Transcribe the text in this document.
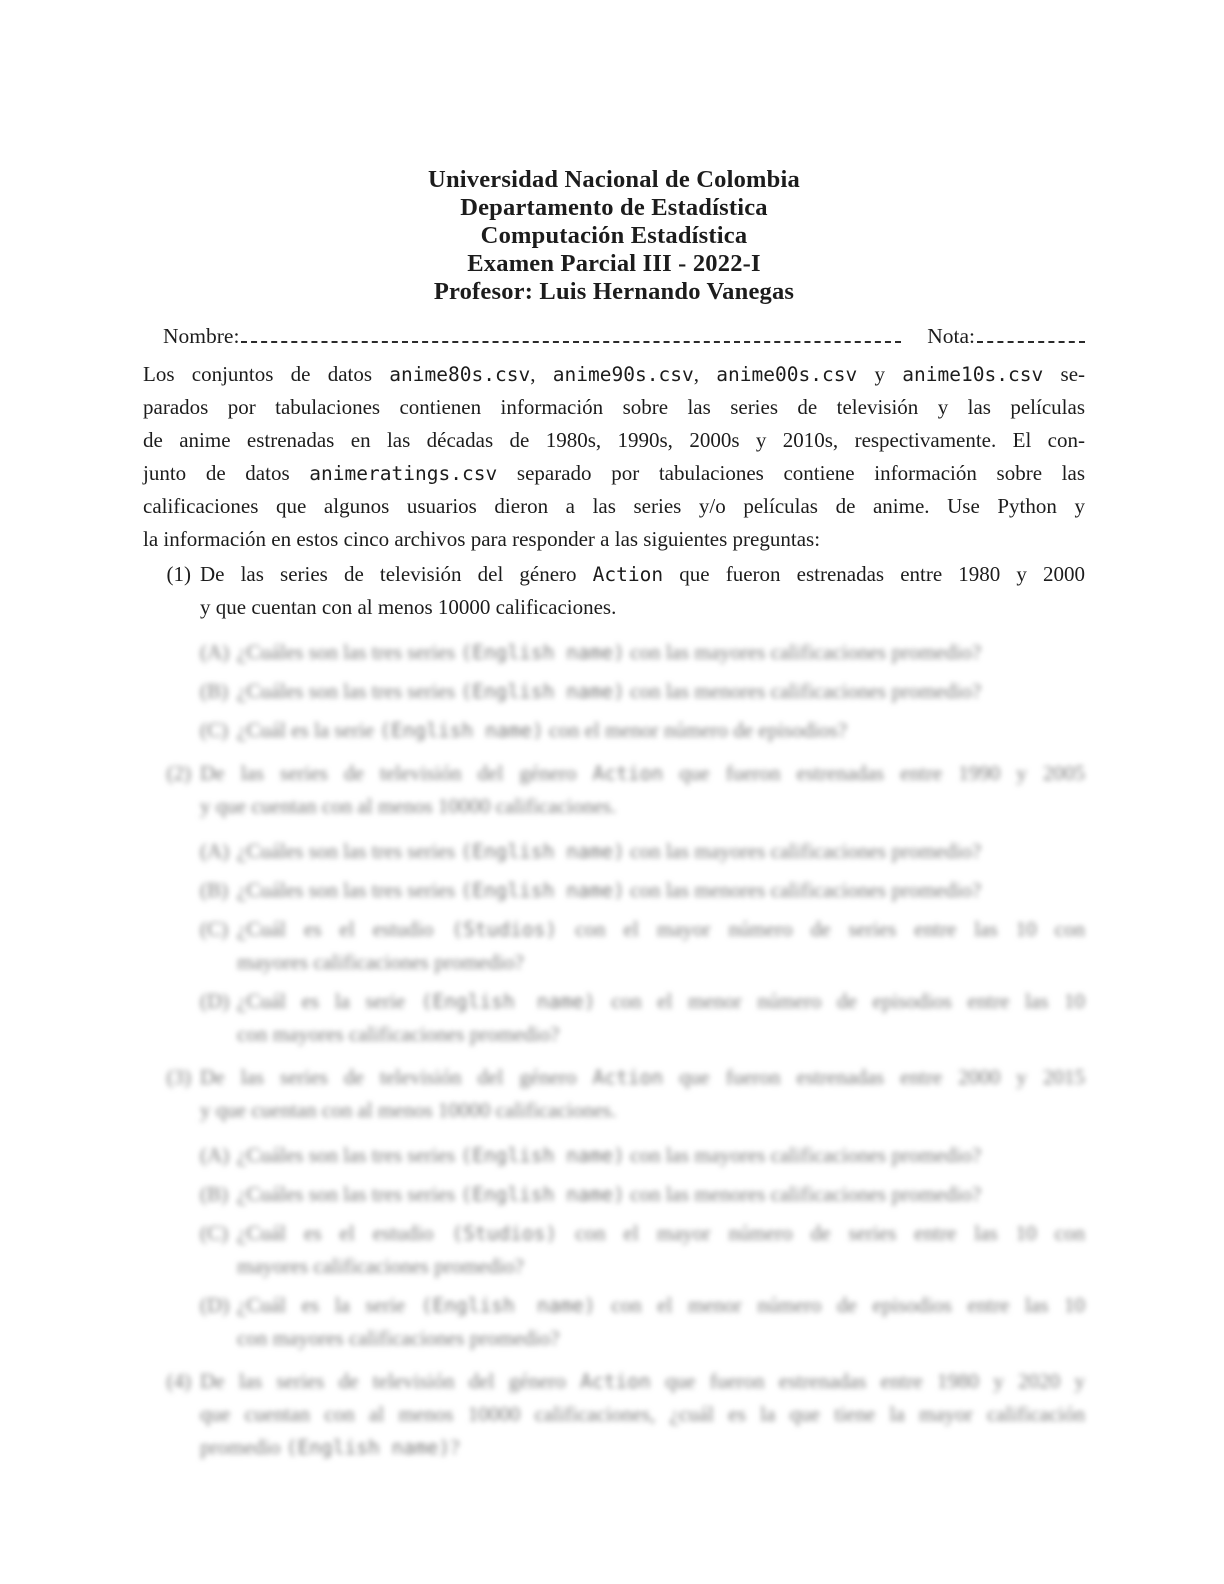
Universidad Nacional de Colombia
Departamento de Estadística
Computación Estadística
Examen Parcial III - 2022-I
Profesor: Luis Hernando Vanegas
Nombre:	Nota:
Los conjuntos de datos anime80s.csv, anime90s.csv, anime00s.csv y anime10s.csv se-
parados por tabulaciones contienen información sobre las series de televisión y las películas
de anime estrenadas en las décadas de 1980s, 1990s, 2000s y 2010s, respectivamente. El con-
junto de datos animeratings.csv separado por tabulaciones contiene información sobre las
calificaciones que algunos usuarios dieron a las series y/o películas de anime. Use Python y
la información en estos cinco archivos para responder a las siguientes preguntas:
(1) De las series de televisión del género Action que fueron estrenadas entre 1980 y 2000
y que cuentan con al menos 10000 calificaciones.
(A) ¿Cuáles son las tres series (English name) con las mayores calificaciones promedio?
(B) ¿Cuáles son las tres series (English name) con las menores calificaciones promedio?
(C) ¿Cuál es la serie (English name) con el menor número de episodios?
(2) De las series de televisión del género Action que fueron estrenadas entre 1990 y 2005
y que cuentan con al menos 10000 calificaciones.
(A) ¿Cuáles son las tres series (English name) con las mayores calificaciones promedio?
(B) ¿Cuáles son las tres series (English name) con las menores calificaciones promedio?
(C) ¿Cuál es el estudio (Studios) con el mayor número de series entre las 10 con
mayores calificaciones promedio?
(D) ¿Cuál es la serie (English name) con el menor número de episodios entre las 10
con mayores calificaciones promedio?
(3) De las series de televisión del género Action que fueron estrenadas entre 2000 y 2015
y que cuentan con al menos 10000 calificaciones.
(A) ¿Cuáles son las tres series (English name) con las mayores calificaciones promedio?
(B) ¿Cuáles son las tres series (English name) con las menores calificaciones promedio?
(C) ¿Cuál es el estudio (Studios) con el mayor número de series entre las 10 con
mayores calificaciones promedio?
(D) ¿Cuál es la serie (English name) con el menor número de episodios entre las 10
con mayores calificaciones promedio?
(4) De las series de televisión del género Action que fueron estrenadas entre 1980 y 2020 y
que cuentan con al menos 10000 calificaciones, ¿cuál es la que tiene la mayor calificación
promedio (English name)?
